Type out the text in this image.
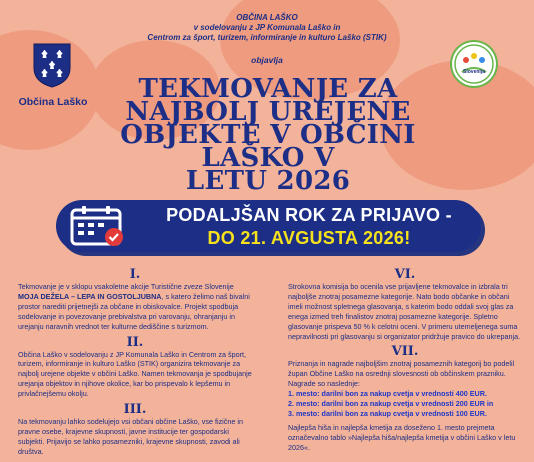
OBČINA LAŠKO
v sodelovanju z JP Komunala Laško in
Centrom za šport, turizem, informiranje in kulturo Laško (STIK)
objavlja
Občina Laško
Slovenija
TEKMOVANJE ZA
NAJBOLJ UREJENE
OBJEKTE V OBČINI LAŠKO V
LETU 2026
PODALJŠAN ROK ZA PRIJAVO -
DO 21. AVGUSTA 2026!
I.

Tekmovanje je v sklopu vsakoletne akcije Turistične zveze Slovenije MOJA DEŽELA – LEPA IN GOSTOLJUBNA, s katero želimo naš bivalni prostor narediti prijetnejši za občane in obiskovalce. Projekt spodbuja sodelovanje in povezovanje prebivalstva pri varovanju, ohranjanju in urejanju naravnih vrednot ter kulturne dediščine s turizmom.

II.

Občina Laško v sodelovanju z JP Komunala Laško in Centrom za šport, turizem, informiranje in kulturo Laško (STIK) organizira tekmovanje za najbolj urejene objekte v občini Laško. Namen tekmovanja je spodbujanje urejanja objektov in njihove okolice, kar bo prispevalo k lepšemu in privlačnejšemu okolju.

III.

Na tekmovanju lahko sodelujejo vsi občani občine Laško, vse fizične in pravne osebe, krajevne skupnosti, javne institucije ter gospodarski subjekti. Prijavijo se lahko posamezniki, krajevne skupnosti, zavodi ali društva.

VI.

Strokovna komisija bo ocenila vse prijavljene tekmovalce in izbrala tri najboljše znotraj posamezne kategorije. Nato bodo občanke in občani imeli možnost spletnega glasovanja, s katerim bodo oddali svoj glas za enega izmed treh finalistov znotraj posamezne kategorije. Spletno glasovanje prispeva 50 % k celotni oceni. V primeru utemeljenega suma nepravilnosti pri glasovanju si organizator pridržuje pravico do ukrepanja.

VII.

Priznanja in nagrade najboljšim znotraj posameznih kategorij bo podelil župan Občine Laško na osrednji slovesnosti ob občinskem prazniku.

Nagrade so naslednje:
1. mesto: darilni bon za nakup cvetja v vrednosti 400 EUR.
2. mesto: darilni bon za nakup cvetja v vrednosti 200 EUR in
3. mesto: darilni bon za nakup cvetja v vrednosti 100 EUR.

Najlepša hiša in najlepša kmetija za doseženo 1. mesto prejmeta označevalno tablo »Najlepša hiša/najlepša kmetija v občini Laško v letu 2026«.
